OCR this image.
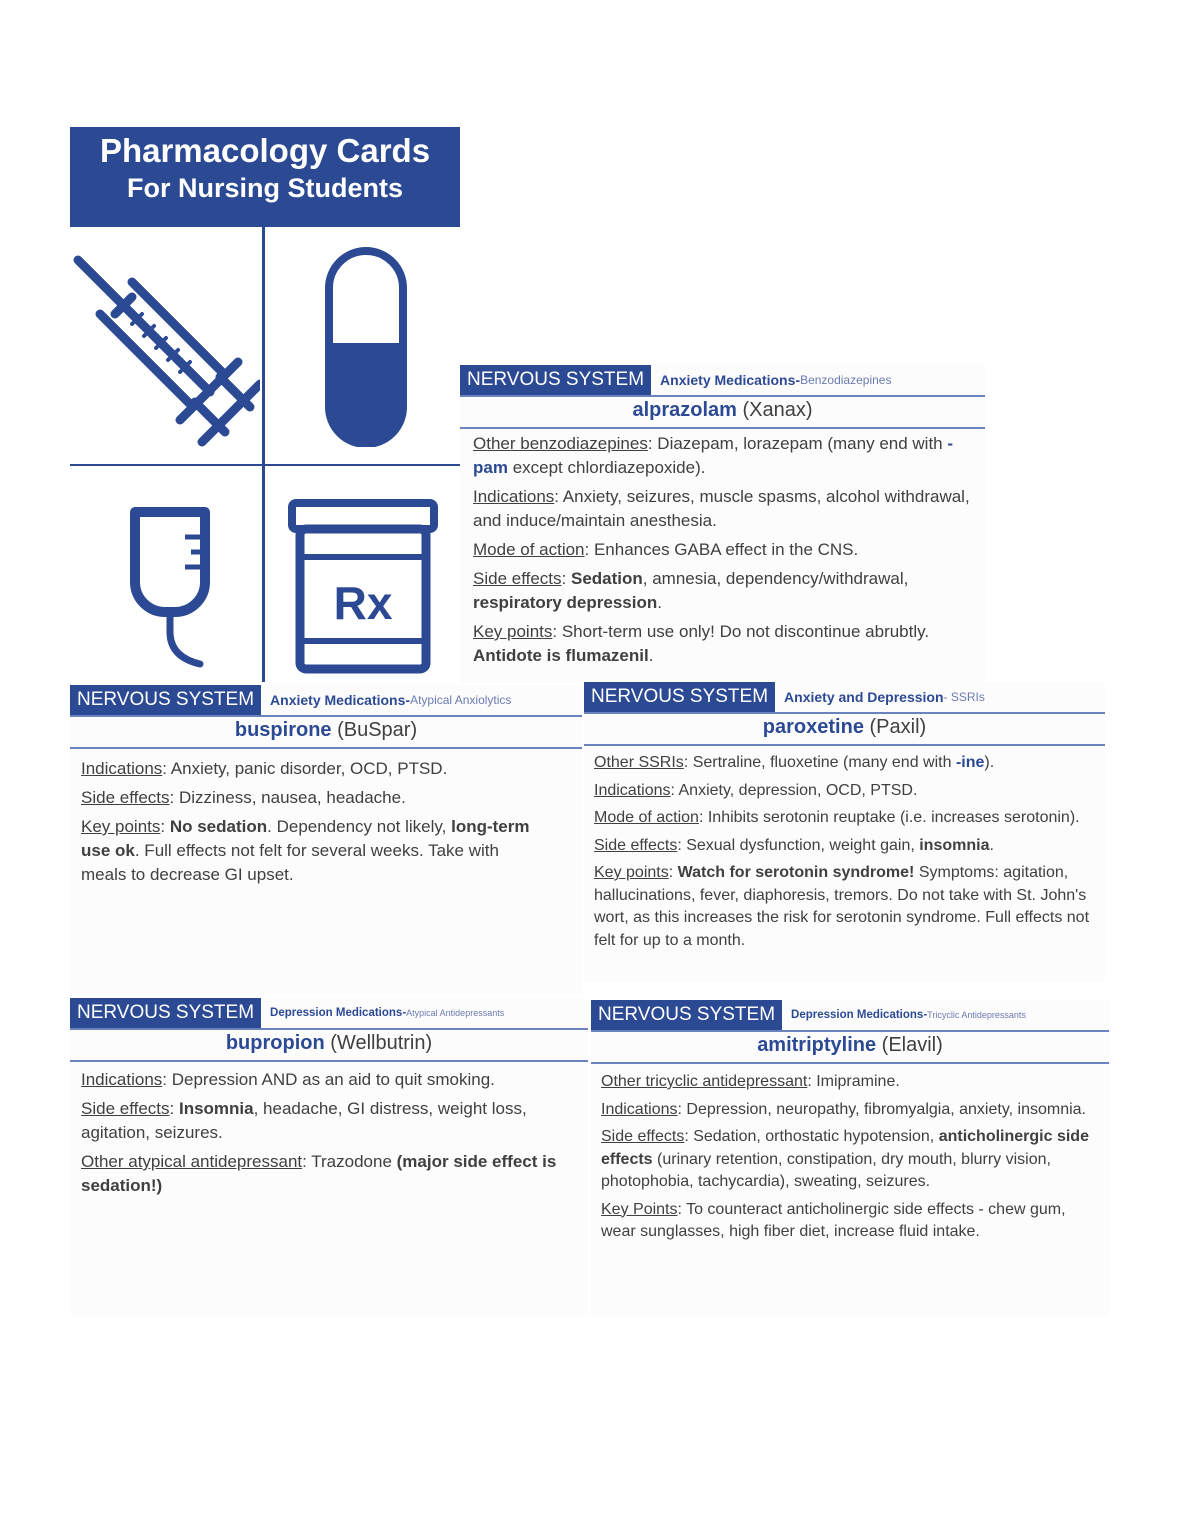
Pharmacology Cards
For Nursing Students
Rx
NERVOUS SYSTEM	Anxiety Medications- Benzodiazepines
alprazolam (Xanax)

Other benzodiazepines: Diazepam, lorazepam (many end with -pam except chlordiazepoxide).

Indications: Anxiety, seizures, muscle spasms, alcohol withdrawal, and induce/maintain anesthesia.

Mode of action: Enhances GABA effect in the CNS.

Side effects: Sedation, amnesia, dependency/withdrawal, respiratory depression.

Key points: Short-term use only! Do not discontinue abrubtly. Antidote is flumazenil.

NERVOUS SYSTEM	Anxiety Medications- Atypical Anxiolytics
buspirone (BuSpar)

Indications: Anxiety, panic disorder, OCD, PTSD.

Side effects: Dizziness, nausea, headache.

Key points: No sedation. Dependency not likely, long-term use ok. Full effects not felt for several weeks. Take with meals to decrease GI upset.

NERVOUS SYSTEM	Anxiety and Depression - SSRIs
paroxetine (Paxil)

Other SSRIs: Sertraline, fluoxetine (many end with -ine).

Indications: Anxiety, depression, OCD, PTSD.

Mode of action: Inhibits serotonin reuptake (i.e. increases serotonin).

Side effects: Sexual dysfunction, weight gain, insomnia.

Key points: Watch for serotonin syndrome! Symptoms: agitation, hallucinations, fever, diaphoresis, tremors. Do not take with St. John's wort, as this increases the risk for serotonin syndrome. Full effects not felt for up to a month.

NERVOUS SYSTEM	Depression Medications- Atypical Antidepressants
bupropion (Wellbutrin)

Indications: Depression AND as an aid to quit smoking.

Side effects: Insomnia, headache, GI distress, weight loss, agitation, seizures.

Other atypical antidepressant: Trazodone (major side effect is sedation!)

NERVOUS SYSTEM	Depression Medications- Tricyclic Antidepressants
amitriptyline (Elavil)

Other tricyclic antidepressant: Imipramine.

Indications: Depression, neuropathy, fibromyalgia, anxiety, insomnia.

Side effects: Sedation, orthostatic hypotension, anticholinergic side effects (urinary retention, constipation, dry mouth, blurry vision, photophobia, tachycardia), sweating, seizures.

Key Points: To counteract anticholinergic side effects - chew gum, wear sunglasses, high fiber diet, increase fluid intake.
